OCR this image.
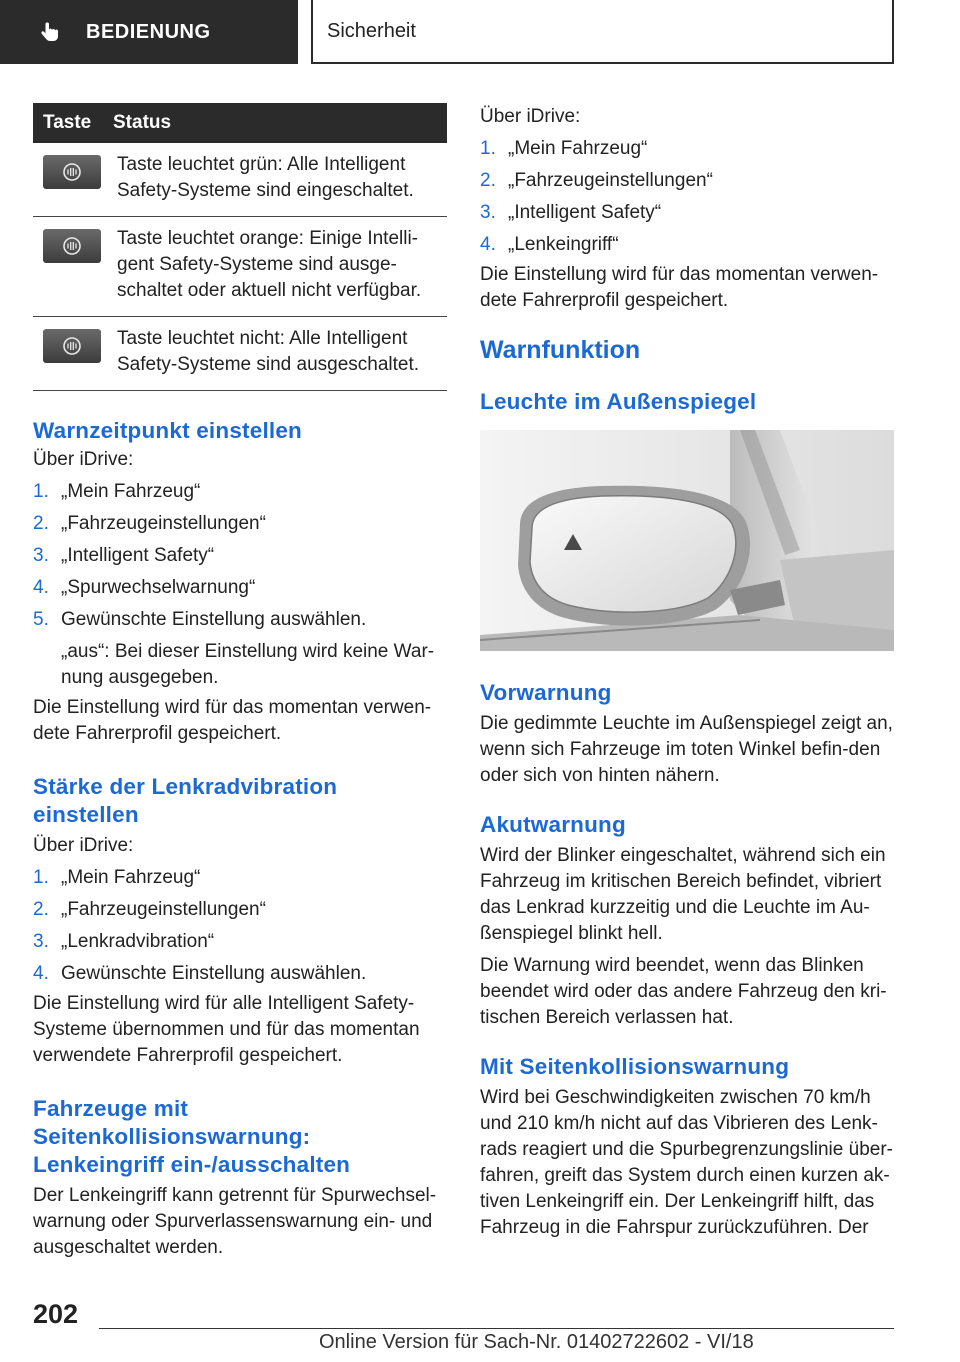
BEDIENUNG	Sicherheit
Taste	Status

	Taste leuchtet grün: Alle Intelligent Safety-Systeme sind eingeschaltet.

	Taste leuchtet orange: Einige Intelli‐gent Safety-Systeme sind ausge‐schaltet oder aktuell nicht verfügbar.

	Taste leuchtet nicht: Alle Intelligent Safety-Systeme sind ausgeschaltet.
Warnzeitpunkt einstellen

Über iDrive:

1. „Mein Fahrzeug“
2. „Fahrzeugeinstellungen“
3. „Intelligent Safety“
4. „Spurwechselwarnung“
5. Gewünschte Einstellung auswählen.
„aus“: Bei dieser Einstellung wird keine War‐nung ausgegeben.

Die Einstellung wird für das momentan verwen‐dete Fahrerprofil gespeichert.

Stärke der Lenkradvibration einstellen

Über iDrive:

1. „Mein Fahrzeug“
2. „Fahrzeugeinstellungen“
3. „Lenkradvibration“
4. Gewünschte Einstellung auswählen.

Die Einstellung wird für alle Intelligent Safety-Systeme übernommen und für das momentan verwendete Fahrerprofil gespeichert.

Fahrzeuge mit Seitenkollisionswarnung: Lenkeingriff ein-/ausschalten

Der Lenkeingriff kann getrennt für Spurwechsel‐warnung oder Spurverlassenswarnung ein- und ausgeschaltet werden.

Über iDrive:

1. „Mein Fahrzeug“
2. „Fahrzeugeinstellungen“
3. „Intelligent Safety“
4. „Lenkeingriff“

Die Einstellung wird für das momentan verwen‐dete Fahrerprofil gespeichert.

Warnfunktion
Leuchte im Außenspiegel
Vorwarnung

Die gedimmte Leuchte im Außenspiegel zeigt an, wenn sich Fahrzeuge im toten Winkel befin‐den oder sich von hinten nähern.

Akutwarnung

Wird der Blinker eingeschaltet, während sich ein Fahrzeug im kritischen Bereich befindet, vibriert das Lenkrad kurzzeitig und die Leuchte im Au‐ßenspiegel blinkt hell.

Die Warnung wird beendet, wenn das Blinken beendet wird oder das andere Fahrzeug den kri‐tischen Bereich verlassen hat.

Mit Seitenkollisionswarnung

Wird bei Geschwindigkeiten zwischen 70 km/h und 210 km/h nicht auf das Vibrieren des Lenk‐rads reagiert und die Spurbegrenzungslinie über‐fahren, greift das System durch einen kurzen ak‐tiven Lenkeingriff ein. Der Lenkeingriff hilft, das Fahrzeug in die Fahrspur zurückzuführen. Der

202
Online Version für Sach-Nr. 01402722602 - VI/18
